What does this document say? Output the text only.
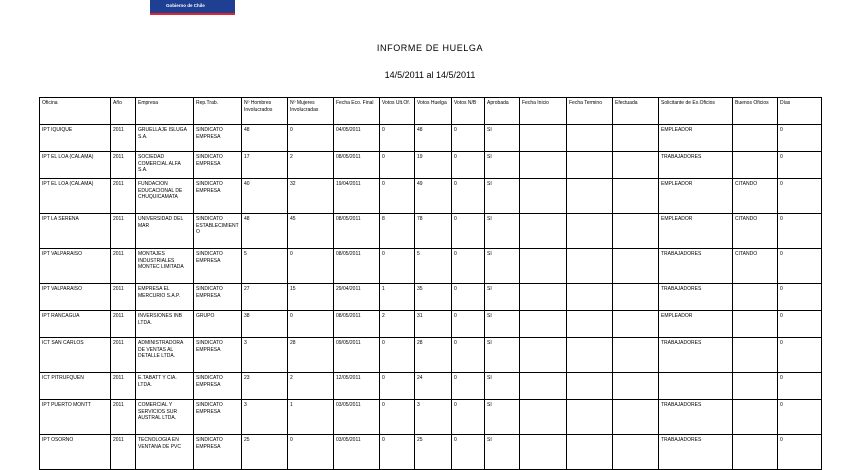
Gobierno de Chile
INFORME DE HUELGA
14/5/2011 al 14/5/2011
Oficina	Año	Empresa	Rep.Trab.	Nº Hombres Involucrados	Nº Mujeres Involucradas	Fecha Eco. Final	Votos Ult.Of.	Votos Huelga	Votos N/B	Aprobada	Fecha Inicio	Fecha Termino	Efectuada	Solicitante de Ex.Oficios	Buenos Oficios	Días
IPT IQUIQUE	2011	GRUELLAJE ISLUGA S.A.	SINDICATO EMPRESA	48	0	04/05/2011	0	48	0	SI				EMPLEADOR		0
IPT EL LOA (CALAMA)	2011	SOCIEDAD COMERCIAL ALFA S.A.	SINDICATO EMPRESA	17	2	08/05/2011	0	19	0	SI				TRABAJADORES		0
IPT EL LOA (CALAMA)	2011	FUNDACION EDUCACIONAL DE CHUQUICAMATA	SINDICATO EMPRESA	40	32	19/04/2011	0	49	0	SI				EMPLEADOR	CITANDO	0
IPT LA SERENA	2011	UNIVERSIDAD DEL MAR	SINDICATO ESTABLECIMIENTO	48	45	08/05/2011	8	78	0	SI				EMPLEADOR	CITANDO	0
IPT VALPARAISO	2011	MONTAJES INDUSTRIALES MONTEC LIMITADA	SINDICATO EMPRESA	5	0	08/05/2011	0	5	0	SI				TRABAJADORES	CITANDO	0
IPT VALPARAISO	2011	EMPRESA EL MERCURIO S.A.P.	SINDICATO EMPRESA	27	15	29/04/2011	1	35	0	SI				TRABAJADORES		0
IPT RANCAGUA	2011	INVERSIONES INB LTDA.	GRUPO	38	0	08/05/2011	2	31	0	SI				EMPLEADOR		0
ICT SAN CARLOS	2011	ADMINISTRADORA DE VENTAS AL DETALLE LTDA.	SINDICATO EMPRESA	3	28	09/05/2011	0	28	0	SI				TRABAJADORES		0
ICT PITRUFQUEN	2011	E.TABATT Y CIA. LTDA.	SINDICATO EMPRESA	23	2	12/05/2011	0	24	0	SI						0
IPT PUERTO MONTT	2011	COMERCIAL Y SERVICIOS SUR AUSTRAL LTDA.	SINDICATO EMPRESA	3	1	03/05/2011	0	3	0	SI				TRABAJADORES		0
IPT OSORNO	2011	TECNOLOGIA EN VENTANA DE PVC	SINDICATO EMPRESA	25	0	03/05/2011	0	25	0	SI				TRABAJADORES		0
